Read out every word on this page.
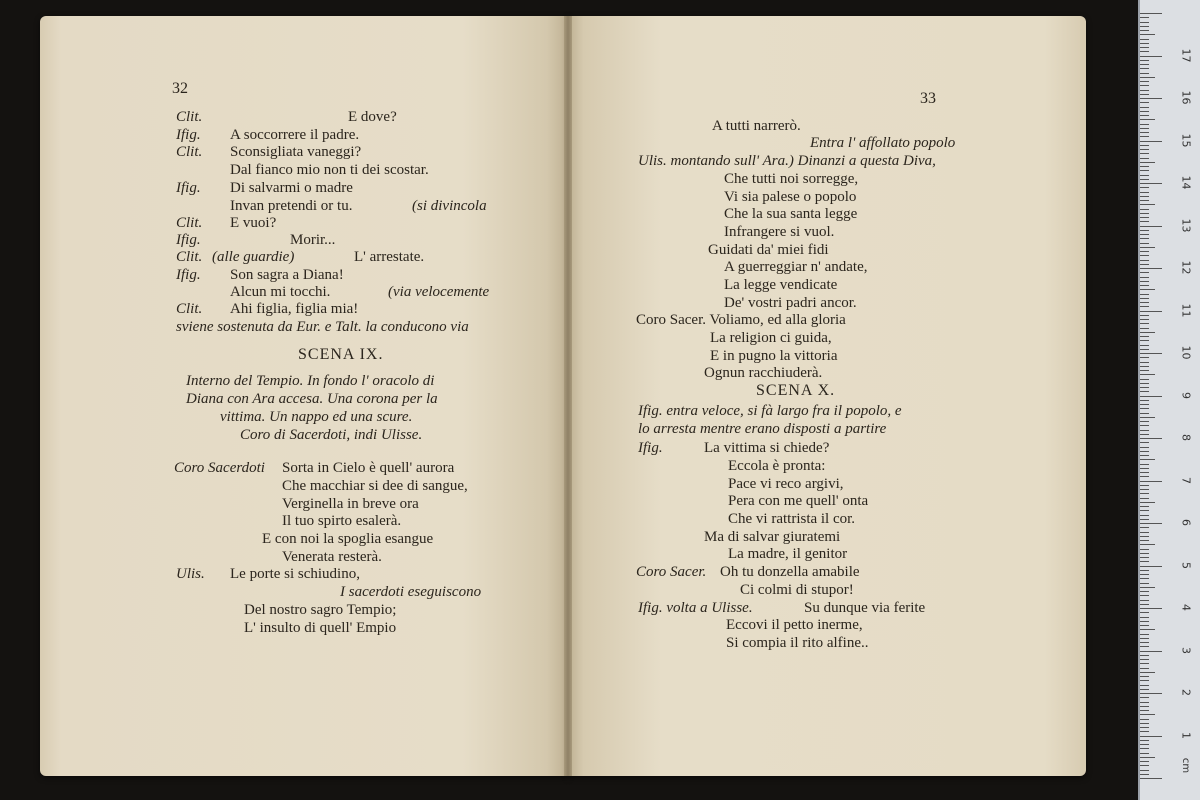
32
Clit.	E dove?
Ifig. A soccorrere il padre.
Clit. Sconsigliata vaneggi?
Dal fianco mio non ti dei scostar.
Ifig. Di salvarmi o madre
Invan pretendi or tu.	(si divincola
Clit. E vuoi?
Ifig.	Morir...
Clit. (alle guardie)	L' arrestate.
Ifig. Son sagra a Diana!
Alcun mi tocchi.	(via velocemente
Clit. Ahi figlia, figlia mia!
sviene sostenuta da Eur. e Talt. la conducono via
SCENA IX.
Interno del Tempio. In fondo l' oracolo di
Diana con Ara accesa. Una corona per la
vittima. Un nappo ed una scure.
Coro di Sacerdoti, indi Ulisse.
Coro Sacerdoti Sorta in Cielo è quell' aurora
Che macchiar si dee di sangue,
Verginella in breve ora
Il tuo spirto esalerà.
E con noi la spoglia esangue
Venerata resterà.
Ulis. Le porte si schiudino,
I sacerdoti eseguiscono
Del nostro sagro Tempio;
L' insulto di quell' Empio
33
A tutti narrerò.
Entra l' affollato popolo
Ulis. montando sull' Ara.) Dinanzi a questa Diva,
Che tutti noi sorregge,
Vi sia palese o popolo
Che la sua santa legge
Infrangere si vuol.
Guidati da' miei fidi
A guerreggiar n' andate,
La legge vendicate
De' vostri padri ancor.
Coro Sacer. Voliamo, ed alla gloria
La religion ci guida,
E in pugno la vittoria
Ognun racchiuderà.
SCENA X.
Ifig. entra veloce, si fà largo fra il popolo, e
lo arresta mentre erano disposti a partire
Ifig.	La vittima si chiede?
Eccola è pronta:
Pace vi reco argivi,
Pera con me quell' onta
Che vi rattrista il cor.
Ma di salvar giuratemi
La madre, il genitor
Coro Sacer. Oh tu donzella amabile
Ci colmi di stupor!
Ifig. volta a Ulisse.	Su dunque via ferite
Eccovi il petto inerme,
Si compia il rito alfine..
cm
1
2
3
4
5
6
7
8
9
10
11
12
13
14
15
16
17
